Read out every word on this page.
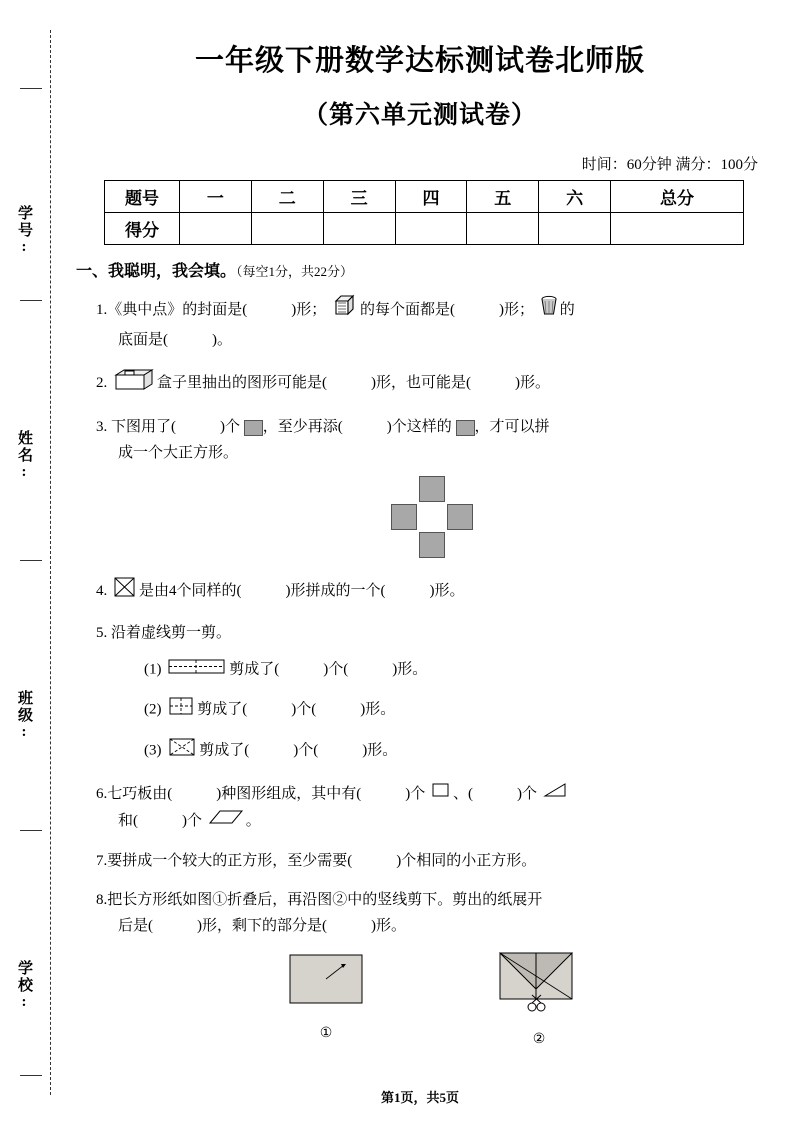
学号:
姓名:
班级:
学校:
一年级下册数学达标测试卷北师版
（第六单元测试卷）
时间：60分钟 满分：100分
题号	一	二	三	四	五	六	总分
得分							
一、我聪明，我会填。（每空1分，共22分）
1.《典中点》的封面是(	)形； 的每个面都是(	)形； 的
底面是(	)。
2.	盒子里抽出的图形可能是(	)形，也可能是(	)形。
3. 下图用了(	)个 ，至少再添(	)个这样的 ，才可以拼
成一个大正方形。
4. 是由4个同样的(	)形拼成的一个(	)形。
5. 沿着虚线剪一剪。
(1)	剪成了(	)个(	)形。
(2) 剪成了(	)个(	)形。
(3)	剪成了(	)个(	)形。
6.七巧板由(	)种图形组成，其中有(	)个 、(	)个
和(	)个	。
7.要拼成一个较大的正方形，至少需要(	)个相同的小正方形。
8.把长方形纸如图①折叠后，再沿图②中的竖线剪下。剪出的纸展开
后是(	)形，剩下的部分是(	)形。
①	②
第1页，共5页
